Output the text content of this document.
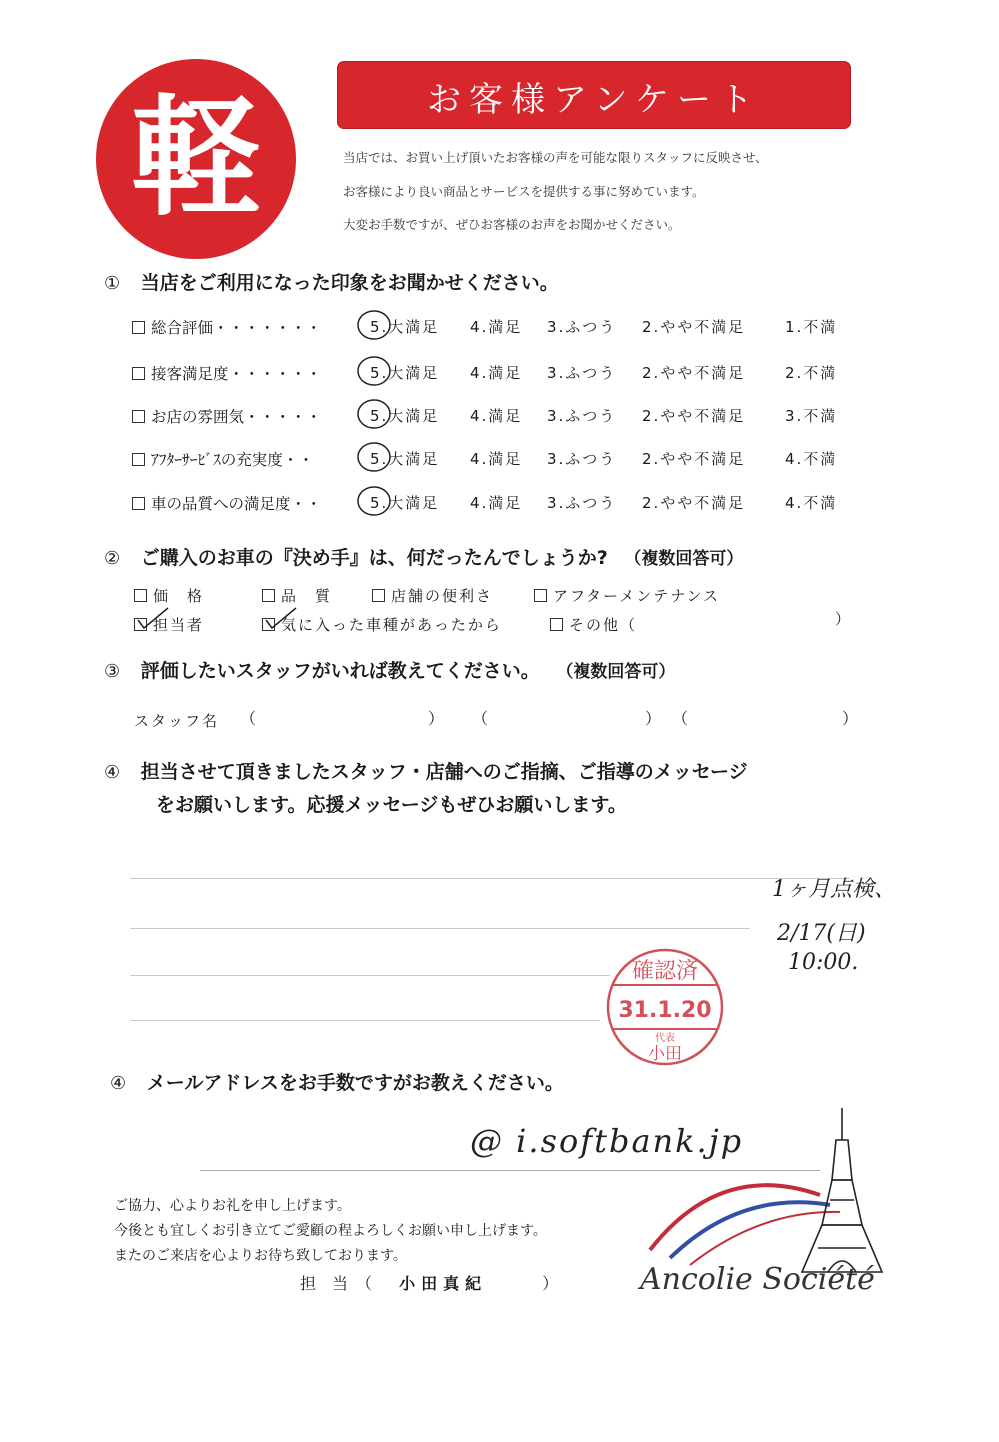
軽	お客様アンケート
当店では、お買い上げ頂いたお客様の声を可能な限りスタッフに反映させ、
お客様により良い商品とサービスを提供する事に努めています。
大変お手数ですが、ぜひお客様のお声をお聞かせください。
① 当店をご利用になった印象をお聞かせください。
総合評価・・・・・・・	5.大満足 4.満足 3.ふつう 2.やや不満足	1.不満
接客満足度・・・・・・	5.大満足 4.満足 3.ふつう 2.やや不満足	2.不満
お店の雰囲気・・・・・	5.大満足 4.満足 3.ふつう 2.やや不満足	3.不満
ｱﾌﾀｰｻｰﾋﾞｽの充実度・・	5.大満足 4.満足 3.ふつう 2.やや不満足	4.不満
車の品質への満足度・・	5.大満足 4.満足 3.ふつう 2.やや不満足	4.不満
② ご購入のお車の『決め手』は、何だったんでしょうか? （複数回答可）
価　格	品　質	店舗の便利さ	アフターメンテナンス
担当者	気に入った車種があったから	その他（	）
③ 評価したいスタッフがいれば教えてください。 （複数回答可）
スタッフ名 （	） （	） （	）
④ 担当させて頂きましたスタッフ・店舗へのご指摘、ご指導のメッセージ
をお願いします。応援メッセージもぜひお願いします。
1ヶ月点検、
2/17(日)
10:00.
確認済
31.1.20
代表
小田
④ メールアドレスをお手数ですがお教えください。
@ i.softbank.jp
ご協力、心よりお礼を申し上げます。
今後とも宜しくお引き立てご愛顧の程よろしくお願い申し上げます。
またのご来店を心よりお待ち致しております。
担　当　（ 小田真紀	）	Ancolie Société
